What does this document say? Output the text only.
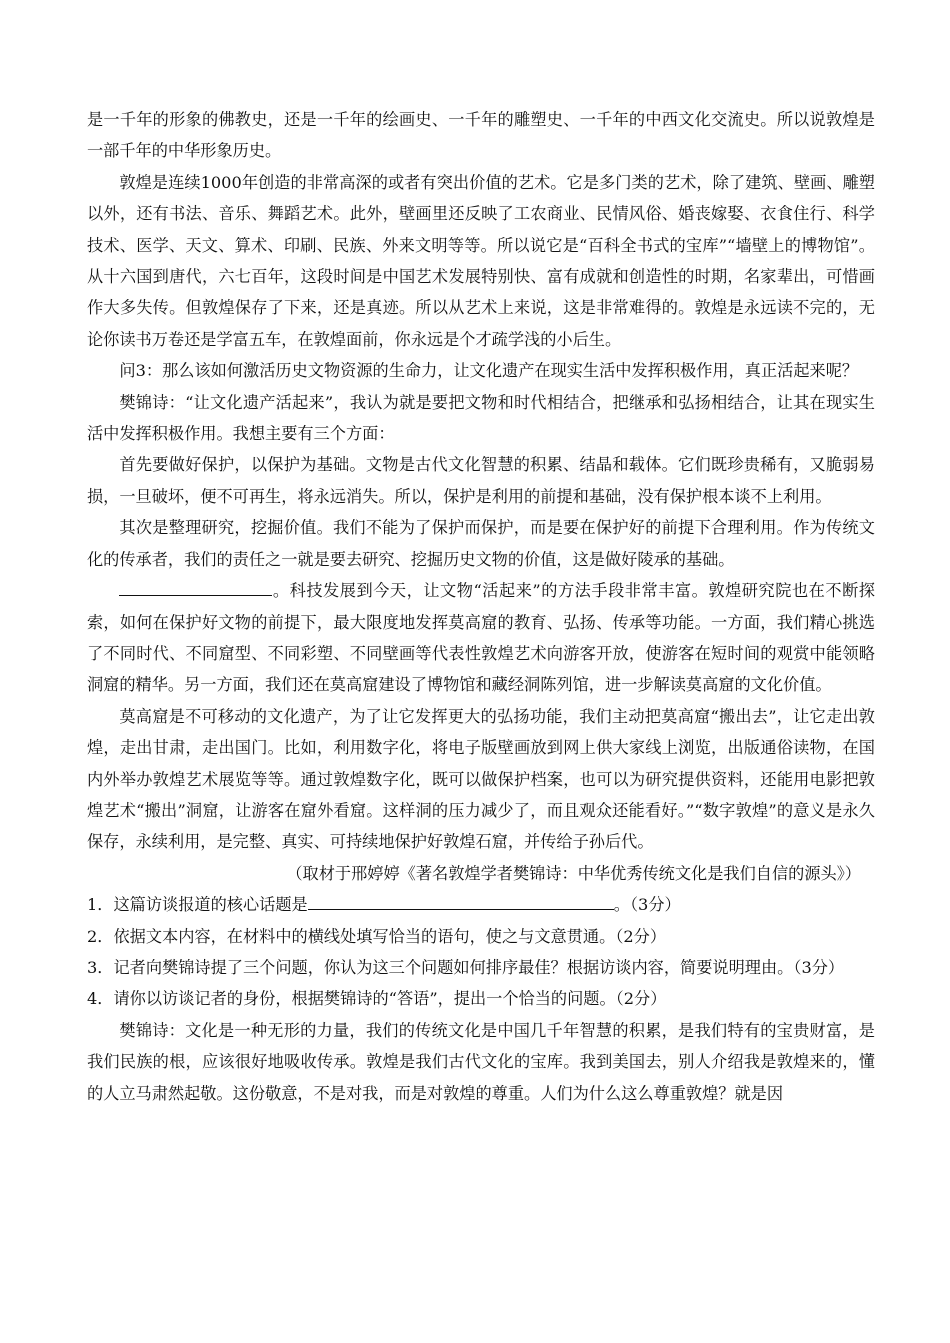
是一千年的形象的佛教史，还是一千年的绘画史、一千年的雕塑史、一千年的中西文化交流史。所以说敦煌是一部千年的中华形象历史。

敦煌是连续1000年创造的非常高深的或者有突出价值的艺术。它是多门类的艺术，除了建筑、壁画、雕塑以外，还有书法、音乐、舞蹈艺术。此外，壁画里还反映了工农商业、民情风俗、婚丧嫁娶、衣食住行、科学技术、医学、天文、算术、印刷、民族、外来文明等等。所以说它是“百科全书式的宝库”“墙壁上的博物馆”。从十六国到唐代，六七百年，这段时间是中国艺术发展特别快、富有成就和创造性的时期，名家辈出，可惜画作大多失传。但敦煌保存了下来，还是真迹。所以从艺术上来说，这是非常难得的。敦煌是永远读不完的，无论你读书万卷还是学富五车，在敦煌面前，你永远是个才疏学浅的小后生。

问3：那么该如何激活历史文物资源的生命力，让文化遗产在现实生活中发挥积极作用，真正活起来呢？

樊锦诗：“让文化遗产活起来”，我认为就是要把文物和时代相结合，把继承和弘扬相结合，让其在现实生活中发挥积极作用。我想主要有三个方面：

首先要做好保护，以保护为基础。文物是古代文化智慧的积累、结晶和载体。它们既珍贵稀有，又脆弱易损，一旦破坏，便不可再生，将永远消失。所以，保护是利用的前提和基础，没有保护根本谈不上利用。

其次是整理研究，挖掘价值。我们不能为了保护而保护，而是要在保护好的前提下合理利用。作为传统文化的传承者，我们的责任之一就是要去研究、挖掘历史文物的价值，这是做好陵承的基础。

。科技发展到今天，让文物“活起来”的方法手段非常丰富。敦煌研究院也在不断探索，如何在保护好文物的前提下，最大限度地发挥莫高窟的教育、弘扬、传承等功能。一方面，我们精心挑选了不同时代、不同窟型、不同彩塑、不同壁画等代表性敦煌艺术向游客开放，使游客在短时间的观赏中能领略洞窟的精华。另一方面，我们还在莫高窟建设了博物馆和藏经洞陈列馆，进一步解读莫高窟的文化价值。

莫高窟是不可移动的文化遗产，为了让它发挥更大的弘扬功能，我们主动把莫高窟“搬出去”，让它走出敦煌，走出甘肃，走出国门。比如，利用数字化，将电子版壁画放到网上供大家线上浏览，出版通俗读物，在国内外举办敦煌艺术展览等等。通过敦煌数字化，既可以做保护档案，也可以为研究提供资料，还能用电影把敦煌艺术“搬出”洞窟，让游客在窟外看窟。这样洞的压力减少了，而且观众还能看好。”“数字敦煌”的意义是永久保存，永续利用，是完整、真实、可持续地保护好敦煌石窟，并传给子孙后代。

（取材于邢婷婷《著名敦煌学者樊锦诗：中华优秀传统文化是我们自信的源头》）

1．这篇访谈报道的核心话题是	。（3分）

2．依据文本内容，在材料中的横线处填写恰当的语句，使之与文意贯通。（2分）

3．记者向樊锦诗提了三个问题，你认为这三个问题如何排序最佳？根据访谈内容，简要说明理由。（3分）

4．请你以访谈记者的身份，根据樊锦诗的“答语”，提出一个恰当的问题。（2分）

樊锦诗：文化是一种无形的力量，我们的传统文化是中国几千年智慧的积累，是我们特有的宝贵财富，是我们民族的根，应该很好地吸收传承。敦煌是我们古代文化的宝库。我到美国去，别人介绍我是敦煌来的，懂的人立马肃然起敬。这份敬意，不是对我，而是对敦煌的尊重。人们为什么这么尊重敦煌？就是因
